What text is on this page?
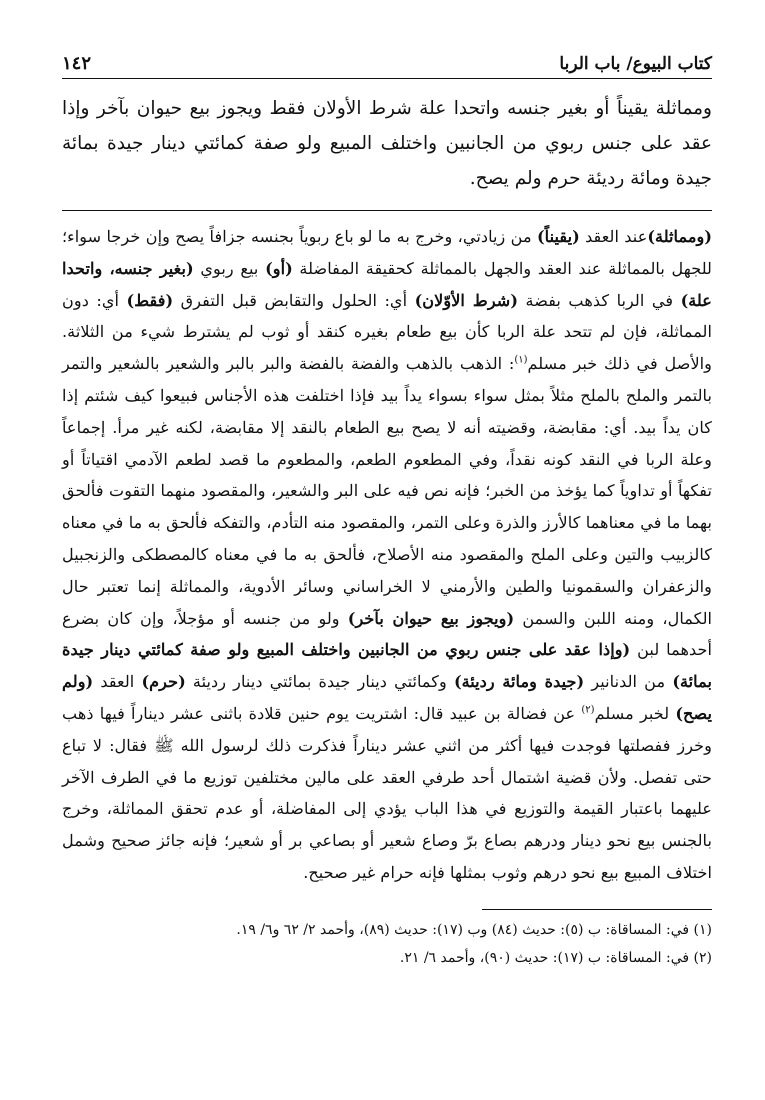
كتاب البيوع/ باب الربا
١٤٢

ومماثلة يقيناً أو بغير جنسه واتحدا علة شرط الأولان فقط ويجوز بيع حيوان بآخر وإذا عقد على جنس ربوي من الجانبين واختلف المبيع ولو صفة كمائتي دينار جيدة بمائة جيدة ومائة رديئة حرم ولم يصح.

(ومماثلة)عند العقد (يقيناً) من زيادتي، وخرج به ما لو باع ربوياً بجنسه جزافاً يصح وإن خرجا سواء؛ للجهل بالمماثلة عند العقد والجهل بالمماثلة كحقيقة المفاضلة (أو) بيع ربوي (بغير جنسه، واتحدا علة) في الربا كذهب بفضة (شرط الأوّلان) أي: الحلول والتقابض قبل التفرق (فقط) أي: دون المماثلة، فإن لم تتحد علة الربا كأن بيع طعام بغيره كنقد أو ثوب لم يشترط شيء من الثلاثة. والأصل في ذلك خبر مسلم$^{(١)}$: الذهب بالذهب والفضة بالفضة والبر بالبر والشعير بالشعير والتمر بالتمر والملح بالملح مثلاً بمثل سواء بسواء يداً بيد فإذا اختلفت هذه الأجناس فبيعوا كيف شئتم إذا كان يداً بيد. أي: مقابضة، وقضيته أنه لا يصح بيع الطعام بالنقد إلا مقابضة، لكنه غير مرأ. إجماعاً وعلة الربا في النقد كونه نقداً، وفي المطعوم الطعم، والمطعوم ما قصد لطعم الآدمي اقتياتاً أو تفكهاً أو تداوياً كما يؤخذ من الخبر؛ فإنه نص فيه على البر والشعير، والمقصود منهما التقوت فألحق بهما ما في معناهما كالأرز والذرة وعلى التمر، والمقصود منه التأدم، والتفكه فألحق به ما في معناه كالزبيب والتين وعلى الملح والمقصود منه الأصلاح، فألحق به ما في معناه كالمصطكى والزنجبيل والزعفران والسقمونيا والطين والأرمني لا الخراساني وسائر الأدوية، والمماثلة إنما تعتبر حال الكمال، ومنه اللبن والسمن (ويجوز بيع حيوان بآخر) ولو من جنسه أو مؤجلاً، وإن كان بضرع أحدهما لبن (وإذا عقد على جنس ربوي من الجانبين واختلف المبيع ولو صفة كمائتي دينار جيدة بمائة) من الدنانير (جيدة ومائة رديئة) وكمائتي دينار جيدة بمائتي دينار رديئة (حرم) العقد (ولم يصح) لخبر مسلم$^{(٢)}$ عن فضالة بن عبيد قال: اشتريت يوم حنين قلادة باثنى عشر ديناراً فيها ذهب وخرز ففصلتها فوجدت فيها أكثر من اثني عشر ديناراً فذكرت ذلك لرسول الله ﷺ فقال: لا تباع حتى تفصل. ولأن قضية اشتمال أحد طرفي العقد على مالين مختلفين توزيع ما في الطرف الآخر عليهما باعتبار القيمة والتوزيع في هذا الباب يؤدي إلى المفاضلة، أو عدم تحقق المماثلة، وخرج بالجنس بيع نحو دينار ودرهم بصاع برّ وصاع شعير أو بصاعي بر أو شعير؛ فإنه جائز صحيح وشمل اختلاف المبيع بيع نحو درهم وثوب بمثلها فإنه حرام غير صحيح.

(١) في: المساقاة: ب (٥): حديث (٨٤) وب (١٧): حديث (٨٩)، وأحمد ٢/ ٦٢ و٦/ ١٩.
(٢) في: المساقاة: ب (١٧): حديث (٩٠)، وأحمد ٦/ ٢١.
